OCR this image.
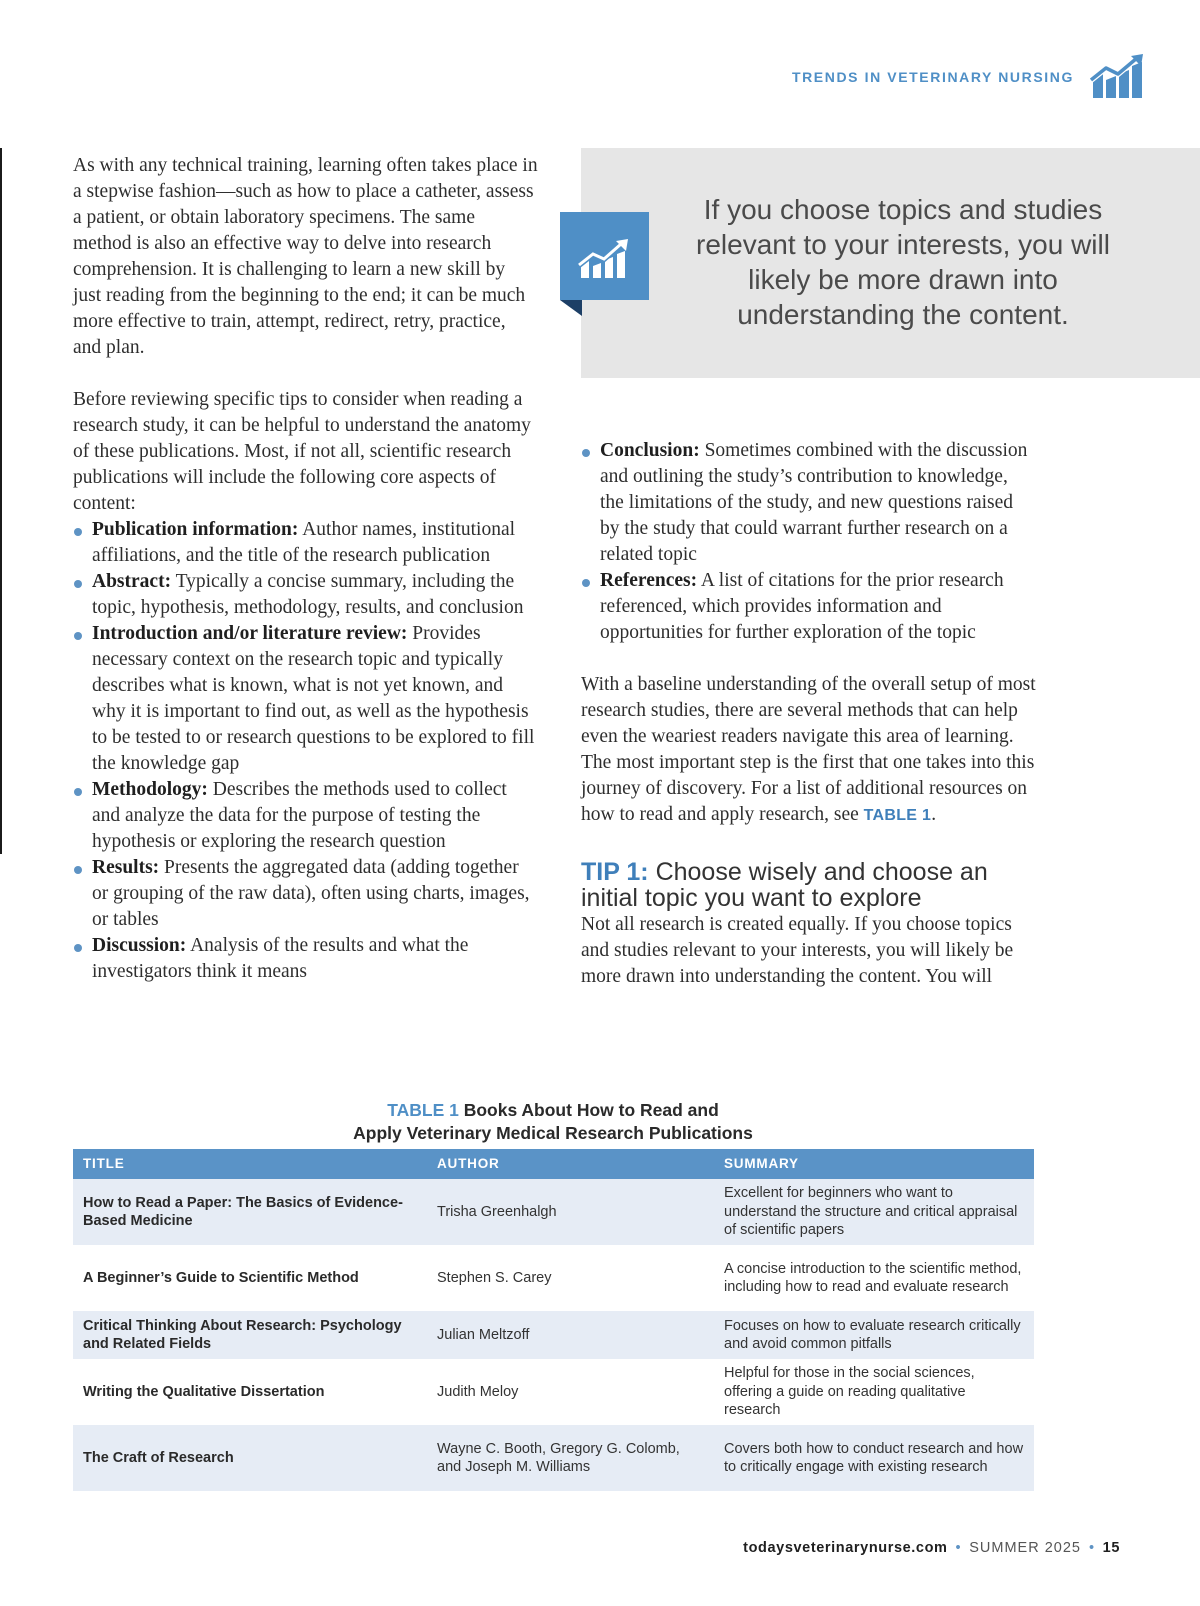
TRENDS IN VETERINARY NURSING

As with any technical training, learning often takes place in a stepwise fashion—such as how to place a catheter, assess a patient, or obtain laboratory specimens. The same method is also an effective way to delve into research comprehension. It is challenging to learn a new skill by just reading from the beginning to the end; it can be much more effective to train, attempt, redirect, retry, practice, and plan.

Before reviewing specific tips to consider when reading a research study, it can be helpful to understand the anatomy of these publications. Most, if not all, scientific research publications will include the following core aspects of content:

Publication information: Author names, institutional affiliations, and the title of the research publication
Abstract: Typically a concise summary, including the topic, hypothesis, methodology, results, and conclusion
Introduction and/or literature review: Provides necessary context on the research topic and typically describes what is known, what is not yet known, and why it is important to find out, as well as the hypothesis to be tested to or research questions to be explored to fill the knowledge gap
Methodology: Describes the methods used to collect and analyze the data for the purpose of testing the hypothesis or exploring the research question
Results: Presents the aggregated data (adding together or grouping of the raw data), often using charts, images, or tables
Discussion: Analysis of the results and what the investigators think it means
If you choose topics and studies relevant to your interests, you will likely be more drawn into understanding the content.
Conclusion: Sometimes combined with the discussion and outlining the study’s contribution to knowledge, the limitations of the study, and new questions raised by the study that could warrant further research on a related topic
References: A list of citations for the prior research referenced, which provides information and opportunities for further exploration of the topic

With a baseline understanding of the overall setup of most research studies, there are several methods that can help even the weariest readers navigate this area of learning. The most important step is the first that one takes into this journey of discovery. For a list of additional resources on how to read and apply research, see TABLE 1.

TIP 1: Choose wisely and choose an initial topic you want to explore

Not all research is created equally. If you choose topics and studies relevant to your interests, you will likely be more drawn into understanding the content. You will

TABLE 1 Books About How to Read and
Apply Veterinary Medical Research Publications
TITLE	AUTHOR	SUMMARY
How to Read a Paper: The Basics of Evidence-Based Medicine	Trisha Greenhalgh	Excellent for beginners who want to understand the structure and critical appraisal of scientific papers
A Beginner’s Guide to Scientific Method	Stephen S. Carey	A concise introduction to the scientific method, including how to read and evaluate research
Critical Thinking About Research: Psychology and Related Fields	Julian Meltzoff	Focuses on how to evaluate research critically and avoid common pitfalls
Writing the Qualitative Dissertation	Judith Meloy	Helpful for those in the social sciences, offering a guide on reading qualitative research
The Craft of Research	Wayne C. Booth, Gregory G. Colomb, and Joseph M. Williams	Covers both how to conduct research and how to critically engage with existing research
todaysveterinarynurse.com • SUMMER 2025 • 15
